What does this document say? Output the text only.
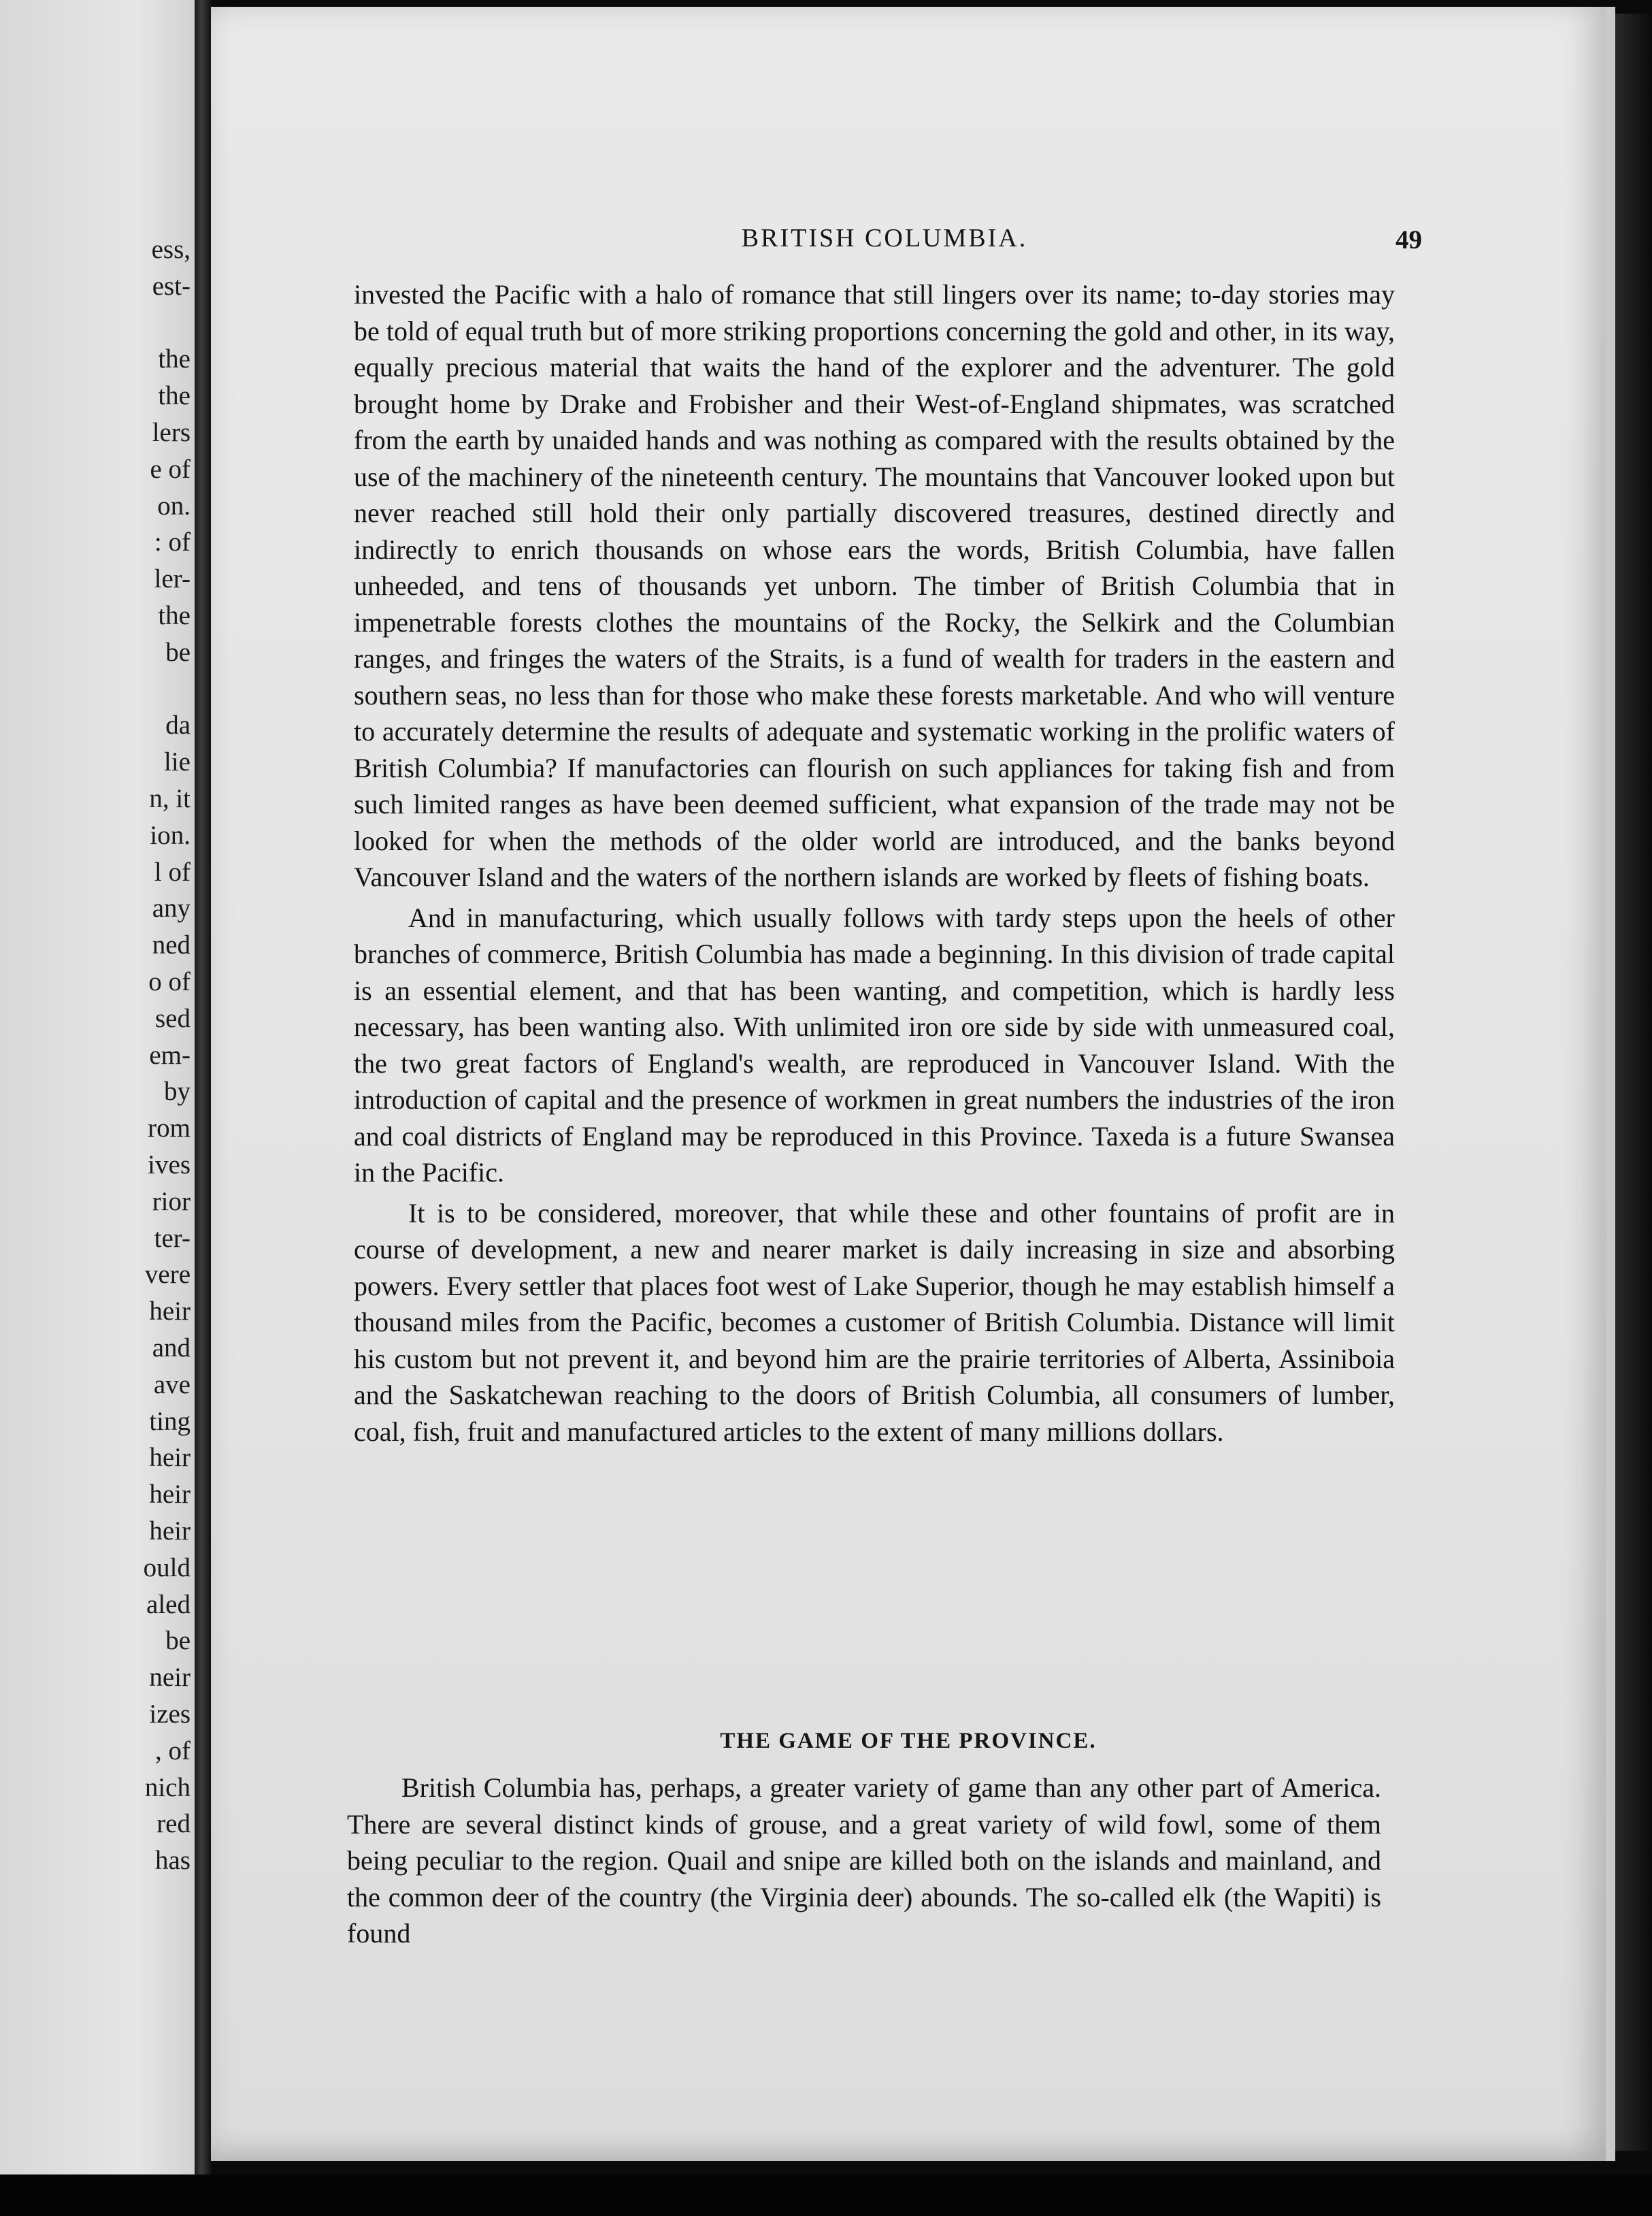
ess,
est-
the
the
lers
e of
on.
: of
ler-
the
be
da
lie
n, it
ion.
l of
any
ned
o of
sed
em-
by
rom
ives
rior
ter-
vere
heir
and
ave
ting
heir
heir
heir
ould
aled
be
neir
izes
, of
nich
red
has
BRITISH COLUMBIA.	49

invested the Pacific with a halo of romance that still lingers over its name; to-day stories may be told of equal truth but of more striking proportions concerning the gold and other, in its way, equally precious material that waits the hand of the explorer and the adventurer. The gold brought home by Drake and Frobisher and their West-of-England shipmates, was scratched from the earth by unaided hands and was nothing as compared with the results obtained by the use of the machinery of the nineteenth century. The mountains that Vancouver looked upon but never reached still hold their only partially discovered treasures, destined directly and indirectly to enrich thousands on whose ears the words, British Columbia, have fallen unheeded, and tens of thousands yet unborn. The timber of British Columbia that in impenetrable forests clothes the mountains of the Rocky, the Selkirk and the Columbian ranges, and fringes the waters of the Straits, is a fund of wealth for traders in the eastern and southern seas, no less than for those who make these forests marketable. And who will venture to accurately determine the results of adequate and systematic working in the prolific waters of British Columbia? If manufactories can flourish on such appliances for taking fish and from such limited ranges as have been deemed sufficient, what expansion of the trade may not be looked for when the methods of the older world are introduced, and the banks beyond Vancouver Island and the waters of the northern islands are worked by fleets of fishing boats.

And in manufacturing, which usually follows with tardy steps upon the heels of other branches of commerce, British Columbia has made a beginning. In this division of trade capital is an essential element, and that has been wanting, and competition, which is hardly less necessary, has been wanting also. With unlimited iron ore side by side with unmeasured coal, the two great factors of England's wealth, are reproduced in Vancouver Island. With the introduction of capital and the presence of workmen in great numbers the industries of the iron and coal districts of England may be reproduced in this Province. Taxeda is a future Swansea in the Pacific.

It is to be considered, moreover, that while these and other fountains of profit are in course of development, a new and nearer market is daily increasing in size and absorbing powers. Every settler that places foot west of Lake Superior, though he may establish himself a thousand miles from the Pacific, becomes a customer of British Columbia. Distance will limit his custom but not prevent it, and beyond him are the prairie territories of Alberta, Assiniboia and the Saskatchewan reaching to the doors of British Columbia, all consumers of lumber, coal, fish, fruit and manufactured articles to the extent of many millions dollars.

THE GAME OF THE PROVINCE.

British Columbia has, perhaps, a greater variety of game than any other part of America. There are several distinct kinds of grouse, and a great variety of wild fowl, some of them being peculiar to the region. Quail and snipe are killed both on the islands and mainland, and the common deer of the country (the Virginia deer) abounds. The so-called elk (the Wapiti) is found
